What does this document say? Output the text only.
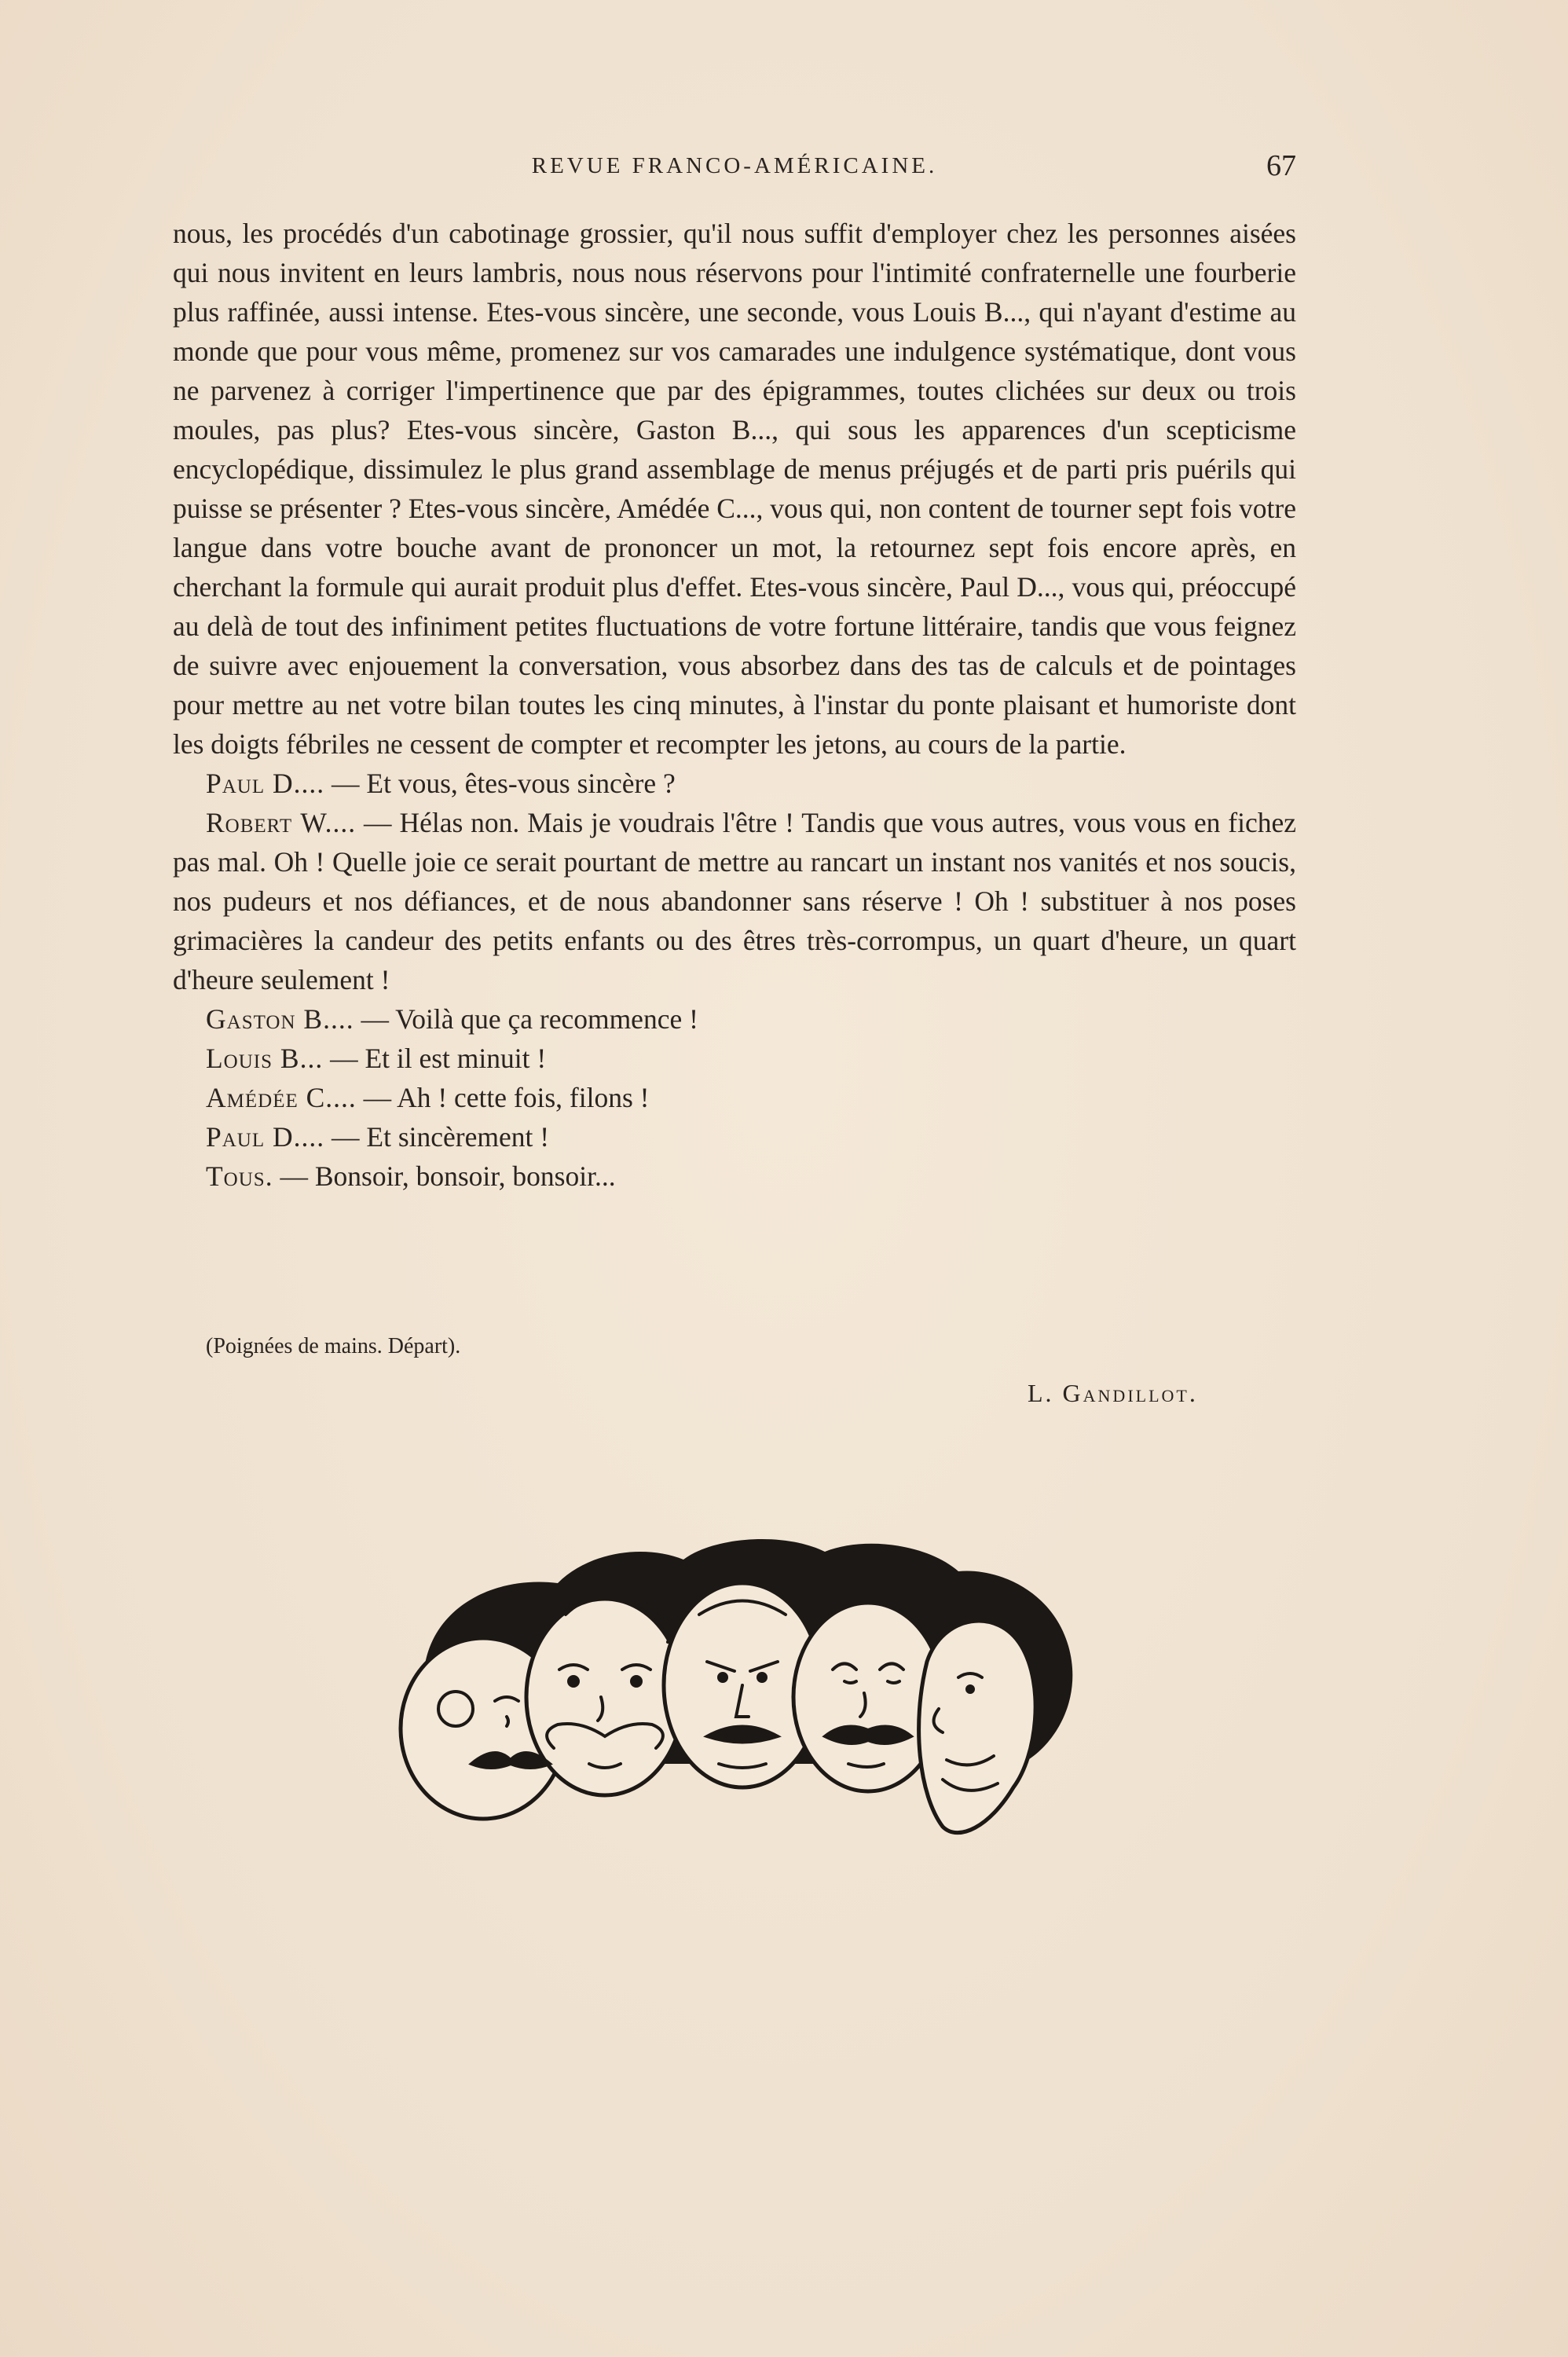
REVUE FRANCO-AMÉRICAINE.	67

nous, les procédés d'un cabotinage grossier, qu'il nous suffit d'employer chez les personnes aisées qui nous invitent en leurs lambris, nous nous réservons pour l'intimité confraternelle une fourberie plus raffinée, aussi intense. Etes-vous sincère, une seconde, vous Louis B..., qui n'ayant d'estime au monde que pour vous même, promenez sur vos camarades une indulgence systématique, dont vous ne parvenez à corriger l'impertinence que par des épigrammes, toutes clichées sur deux ou trois moules, pas plus? Etes-vous sincère, Gaston B..., qui sous les apparences d'un scepticisme encyclopédique, dissimulez le plus grand assemblage de menus préjugés et de parti pris puérils qui puisse se présenter ? Etes-vous sincère, Amédée C..., vous qui, non content de tourner sept fois votre langue dans votre bouche avant de prononcer un mot, la retournez sept fois encore après, en cherchant la formule qui aurait produit plus d'effet. Etes-vous sincère, Paul D..., vous qui, préoccupé au delà de tout des infiniment petites fluctuations de votre fortune littéraire, tandis que vous feignez de suivre avec enjouement la conversation, vous absorbez dans des tas de calculs et de pointages pour mettre au net votre bilan toutes les cinq minutes, à l'instar du ponte plaisant et humoriste dont les doigts fébriles ne cessent de compter et recompter les jetons, au cours de la partie.

Paul D.... — Et vous, êtes-vous sincère ?

Robert W.... — Hélas non. Mais je voudrais l'être ! Tandis que vous autres, vous vous en fichez pas mal. Oh ! Quelle joie ce serait pourtant de mettre au rancart un instant nos vanités et nos soucis, nos pudeurs et nos défiances, et de nous abandonner sans réserve ! Oh ! substituer à nos poses grimacières la candeur des petits enfants ou des êtres très-corrompus, un quart d'heure, un quart d'heure seulement !

Gaston B.... — Voilà que ça recommence !

Louis B... — Et il est minuit !

Amédée C.... — Ah ! cette fois, filons !

Paul D.... — Et sincèrement !

Tous. — Bonsoir, bonsoir, bonsoir...

(Poignées de mains. Départ).
L. Gandillot.
